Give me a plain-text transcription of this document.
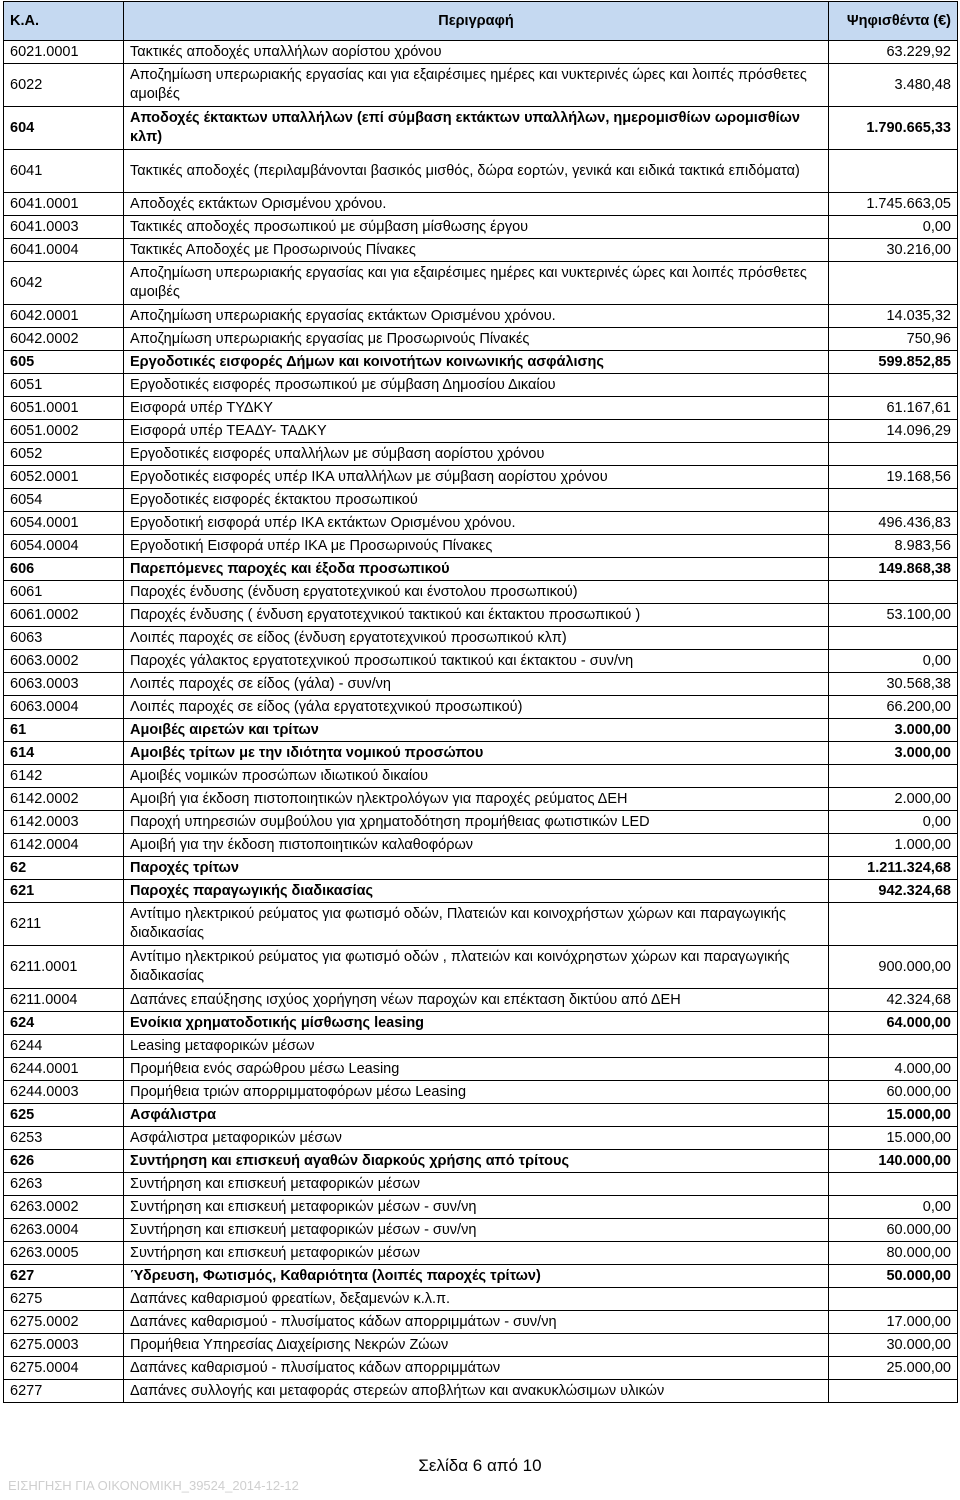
Κ.Α.	Περιγραφή	Ψηφισθέντα (€)
6021.0001	Τακτικές αποδοχές υπαλλήλων αορίστου χρόνου	63.229,92
6022	Αποζημίωση υπερωριακής εργασίας και για εξαιρέσιμες ημέρες και νυκτερινές ώρες και λοιπές πρόσθετες αμοιβές	3.480,48
604	Αποδοχές έκτακτων υπαλλήλων (επί σύμβαση εκτάκτων υπαλλήλων, ημερομισθίων ωρομισθίων κλπ)	1.790.665,33
6041	Τακτικές αποδοχές (περιλαμβάνονται βασικός μισθός, δώρα εορτών, γενικά και ειδικά τακτικά επιδόματα)	
6041.0001	Αποδοχές εκτάκτων Ορισμένου χρόνου.	1.745.663,05
6041.0003	Τακτικές αποδοχές προσωπικού με σύμβαση μίσθωσης έργου	0,00
6041.0004	Τακτικές Αποδοχές με Προσωρινούς Πίνακες	30.216,00
6042	Αποζημίωση υπερωριακής εργασίας και για εξαιρέσιμες ημέρες και νυκτερινές ώρες και λοιπές πρόσθετες αμοιβές	
6042.0001	Αποζημίωση υπερωριακής εργασίας εκτάκτων Ορισμένου χρόνου.	14.035,32
6042.0002	Αποζημίωση υπερωριακής εργασίας με Προσωρινούς Πίνακές	750,96
605	Εργοδοτικές εισφορές Δήμων και κοινοτήτων κοινωνικής ασφάλισης	599.852,85
6051	Εργοδοτικές εισφορές προσωπικού με σύμβαση Δημοσίου Δικαίου	
6051.0001	Εισφορά υπέρ ΤΥΔΚΥ	61.167,61
6051.0002	Εισφορά υπέρ ΤΕΑΔΥ- ΤΑΔΚΥ	14.096,29
6052	Εργοδοτικές εισφορές υπαλλήλων με σύμβαση αορίστου χρόνου	
6052.0001	Εργοδοτικές εισφορές υπέρ ΙΚΑ υπαλλήλων με σύμβαση αορίστου χρόνου	19.168,56
6054	Εργοδοτικές εισφορές έκτακτου προσωπικού	
6054.0001	Εργοδοτική εισφορά υπέρ ΙΚΑ εκτάκτων Ορισμένου χρόνου.	496.436,83
6054.0004	Εργοδοτική Εισφορά υπέρ ΙΚΑ με Προσωρινούς Πίνακες	8.983,56
606	Παρεπόμενες παροχές και έξοδα προσωπικού	149.868,38
6061	Παροχές ένδυσης (ένδυση εργατοτεχνικού και ένστολου προσωπικού)	
6061.0002	Παροχές ένδυσης ( ένδυση εργατοτεχνικού τακτικού και έκτακτου προσωπικού )	53.100,00
6063	Λοιπές παροχές σε είδος (ένδυση εργατοτεχνικού προσωπικού κλπ)	
6063.0002	Παροχές γάλακτος εργατοτεχνικού προσωπικού τακτικού και έκτακτου - συν/νη	0,00
6063.0003	Λοιπές παροχές σε είδος (γάλα) - συν/νη	30.568,38
6063.0004	Λοιπές παροχές σε είδος (γάλα εργατοτεχνικού προσωπικού)	66.200,00
61	Αμοιβές αιρετών και τρίτων	3.000,00
614	Αμοιβές τρίτων με την ιδιότητα νομικού προσώπου	3.000,00
6142	Αμοιβές νομικών προσώπων ιδιωτικού δικαίου	
6142.0002	Αμοιβή για έκδοση πιστοποιητικών ηλεκτρολόγων για παροχές ρεύματος ΔΕΗ	2.000,00
6142.0003	Παροχή υπηρεσιών συμβούλου για χρηματοδότηση προμήθειας φωτιστικών LED	0,00
6142.0004	Αμοιβή για την έκδοση πιστοποιητικών καλαθοφόρων	1.000,00
62	Παροχές τρίτων	1.211.324,68
621	Παροχές παραγωγικής διαδικασίας	942.324,68
6211	Αντίτιμο ηλεκτρικού ρεύματος για φωτισμό οδών, Πλατειών και κοινοχρήστων χώρων και παραγωγικής διαδικασίας	
6211.0001	Αντίτιμο ηλεκτρικού ρεύματος για φωτισμό οδών , πλατειών και κοινόχρηστων χώρων και παραγωγικής διαδικασίας	900.000,00
6211.0004	Δαπάνες επαύξησης ισχύος χορήγηση νέων παροχών και επέκταση δικτύου από ΔΕΗ	42.324,68
624	Ενοίκια χρηματοδοτικής μίσθωσης leasing	64.000,00
6244	Leasing μεταφορικών μέσων	
6244.0001	Προμήθεια ενός σαρώθρου μέσω Leasing	4.000,00
6244.0003	Προμήθεια τριών απορριμματοφόρων μέσω Leasing	60.000,00
625	Ασφάλιστρα	15.000,00
6253	Ασφάλιστρα μεταφορικών μέσων	15.000,00
626	Συντήρηση και επισκευή αγαθών διαρκούς χρήσης από τρίτους	140.000,00
6263	Συντήρηση και επισκευή μεταφορικών μέσων	
6263.0002	Συντήρηση και επισκευή μεταφορικών μέσων - συν/νη	0,00
6263.0004	Συντήρηση και επισκευή μεταφορικών μέσων - συν/νη	60.000,00
6263.0005	Συντήρηση και επισκευή μεταφορικών μέσων	80.000,00
627	Ύδρευση, Φωτισμός, Καθαριότητα (λοιπές παροχές τρίτων)	50.000,00
6275	Δαπάνες καθαρισμού φρεατίων, δεξαμενών κ.λ.π.	
6275.0002	Δαπάνες καθαρισμού - πλυσίματος κάδων απορριμμάτων - συν/νη	17.000,00
6275.0003	Προμήθεια Υπηρεσίας Διαχείρισης Νεκρών Ζώων	30.000,00
6275.0004	Δαπάνες καθαρισμού - πλυσίματος κάδων απορριμμάτων	25.000,00
6277	Δαπάνες συλλογής και μεταφοράς στερεών αποβλήτων και ανακυκλώσιμων υλικών	
Σελίδα 6 από 10
ΕΙΣΗΓΗΣΗ ΓΙΑ ΟΙΚΟΝΟΜΙΚΗ_39524_2014-12-12
